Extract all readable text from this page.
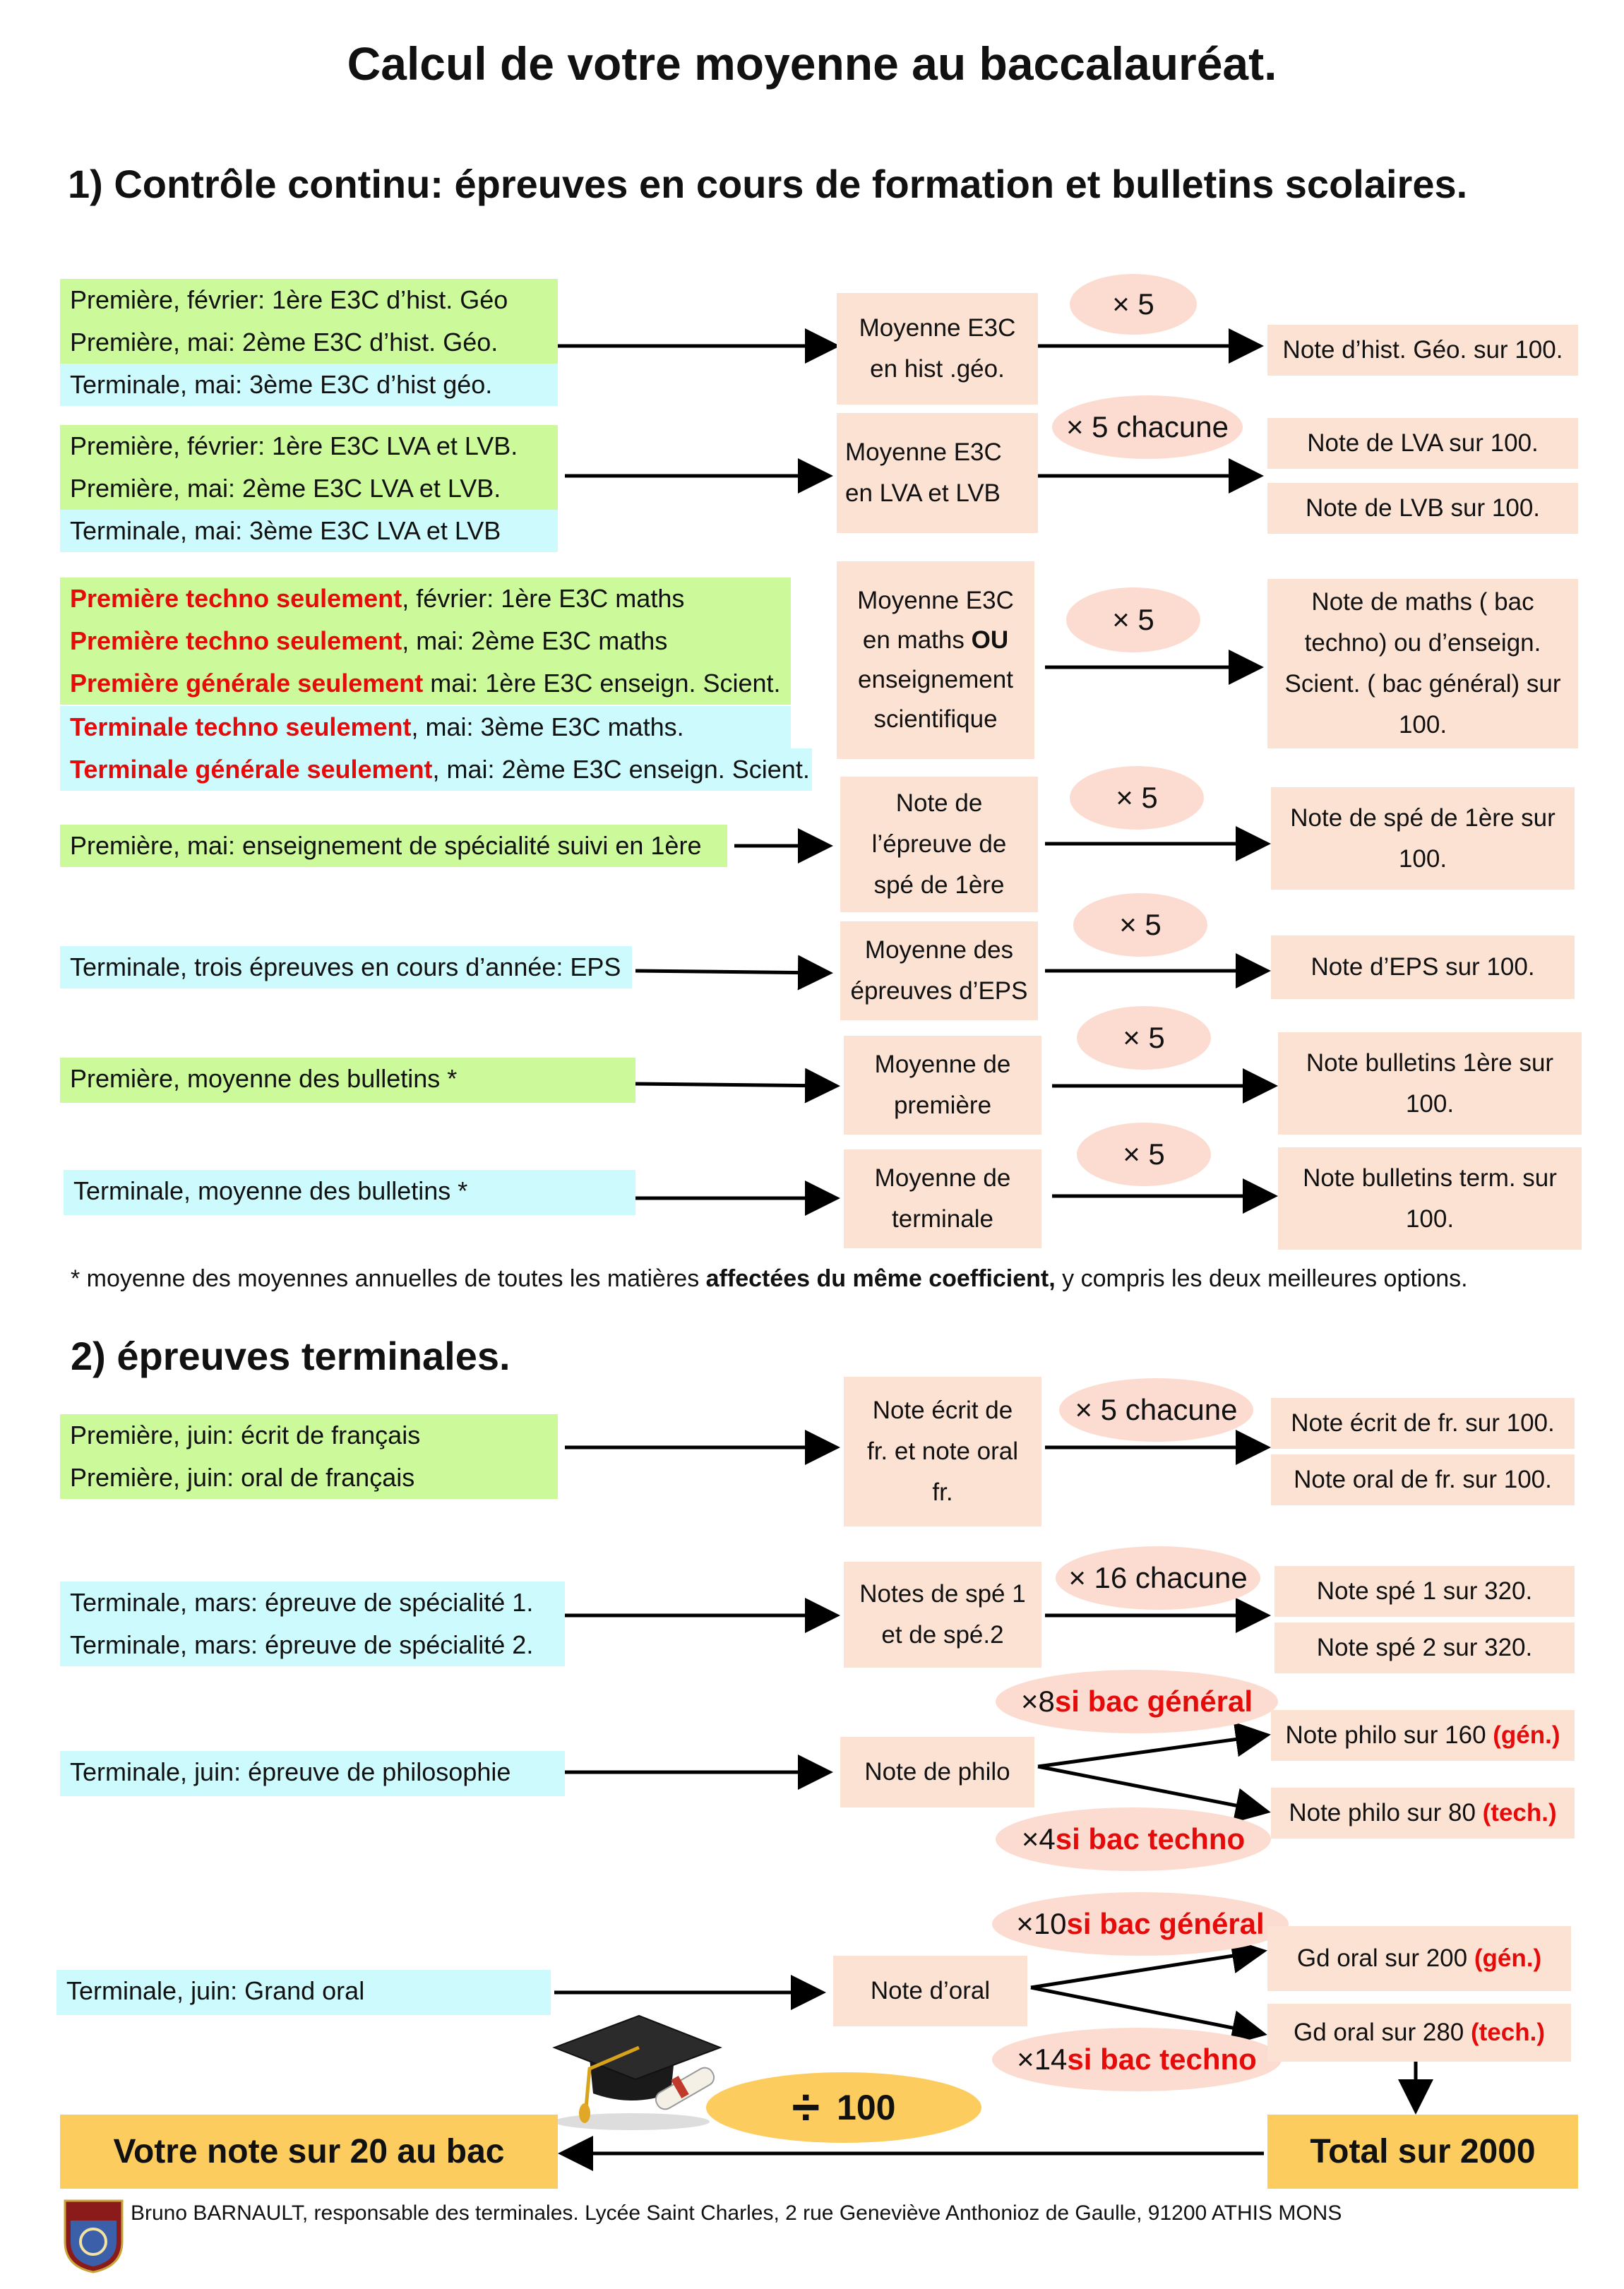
Calcul de votre moyenne au baccalauréat.
1) Contrôle continu: épreuves en cours de formation et bulletins scolaires.
2) épreuves terminales.
Première, février: 1ère E3C d’hist. Géo
Première, mai: 2ème E3C d’hist. Géo.
Terminale, mai: 3ème E3C d’hist géo.
Moyenne E3C
en hist .géo.
× 5
Note d’hist. Géo. sur 100.
Première, février: 1ère E3C LVA et LVB.
Première, mai: 2ème E3C LVA et LVB.
Terminale, mai: 3ème E3C LVA et LVB
Moyenne E3C
en LVA et LVB
× 5 chacune	Note de LVA sur 100.
Note de LVB sur 100.
Première techno seulement, février: 1ère E3C maths
Première techno seulement, mai: 2ème E3C maths
Première générale seulement mai: 1ère E3C enseign. Scient.
Terminale techno seulement, mai: 3ème E3C maths.
Terminale générale seulement, mai: 2ème E3C enseign. Scient.
Moyenne E3C
en maths OU
enseignement
scientifique
× 5
Note de maths ( bac
techno) ou d’enseign.
Scient. ( bac général) sur
100.
Première, mai: enseignement de spécialité suivi en 1ère
Note de
l’épreuve de
spé de 1ère
× 5
Note de spé de 1ère sur
100.
Terminale, trois épreuves en cours d’année: EPS
Moyenne des
épreuves d’EPS
× 5
Note d’EPS sur 100.
Première, moyenne des bulletins *	Moyenne de
première
× 5
Note bulletins 1ère sur
100.
Terminale, moyenne des bulletins *	Moyenne de
terminale
× 5
Note bulletins term. sur
100.
* moyenne des moyennes annuelles de toutes les matières affectées du même coefficient, y compris les deux meilleures options.
Première, juin: écrit de français
Première, juin: oral de français
Note écrit de
fr. et note oral
fr.
× 5 chacune	Note écrit de fr. sur 100.
Note oral de fr. sur 100.
Terminale, mars: épreuve de spécialité 1.
Terminale, mars: épreuve de spécialité 2.
Notes de spé 1
et de spé.2
× 16 chacune	Note spé 1 sur 320.
Note spé 2 sur 320.
Terminale, juin: épreuve de philosophie	Note de philo
×8 si bac général
×4 si bac techno
Note philo sur 160 (gén.)
Note philo sur 80 (tech.)
Terminale, juin: Grand oral	Note d’oral
×10 si bac général
×14 si bac techno
Gd oral sur 200 (gén.)
Gd oral sur 280 (tech.)
÷ 100
Votre note sur 20 au bac	Total sur 2000
Bruno BARNAULT, responsable des terminales. Lycée Saint Charles, 2 rue Geneviève Anthonioz de Gaulle, 91200 ATHIS MONS
